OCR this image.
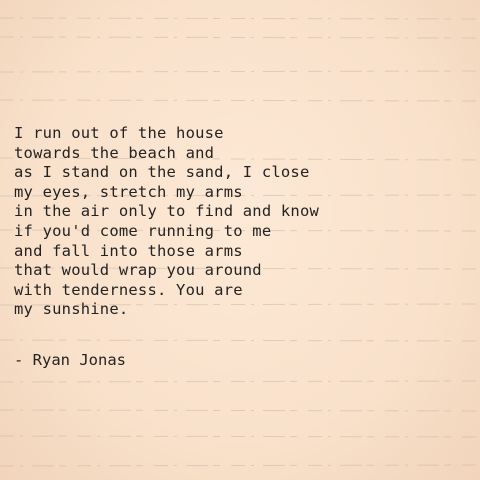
I run out of the house
towards the beach and
as I stand on the sand, I close
my eyes, stretch my arms
in the air only to find and know
if you'd come running to me
and fall into those arms
that would wrap you around
with tenderness. You are
my sunshine.

- Ryan Jonas
